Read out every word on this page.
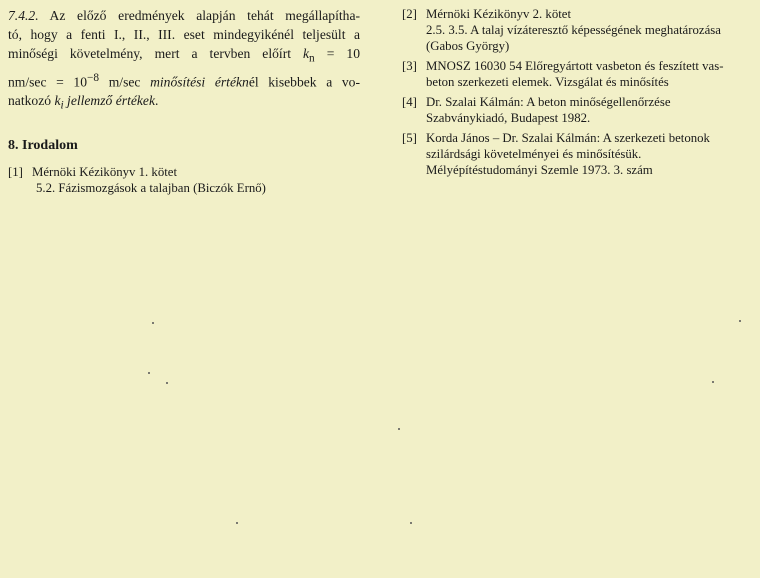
7.4.2. Az előző eredmények alapján tehát megállapítha-
tó, hogy a fenti I., II., III. eset mindegyikénél teljesült a
minőségi követelmény, mert a tervben előírt $k_n = 10$
$nm/\sec = 10^{-8}$ m/sec minősítési értéknél kisebbek a vo-
natkozó $k_i$ jellemző értékek.

8. Irodalom
[1] Mérnöki Kézikönyv 1. kötet
5.2. Fázismozgások a talajban (Biczók Ernő)
[2] Mérnöki Kézikönyv 2. kötet
2.5. 3.5. A talaj vízáteresztő képességének meghatározása
(Gabos György)
[3] MNOSZ 16030 54 Előregyártott vasbeton és feszített vas-
beton szerkezeti elemek. Vizsgálat és minősítés
[4] Dr. Szalai Kálmán: A beton minőségellenőrzése
Szabványkiadó, Budapest 1982.
[5] Korda János – Dr. Szalai Kálmán: A szerkezeti betonok
szilárdsági követelményei és minősítésük.
Mélyépítéstudományi Szemle 1973. 3. szám
